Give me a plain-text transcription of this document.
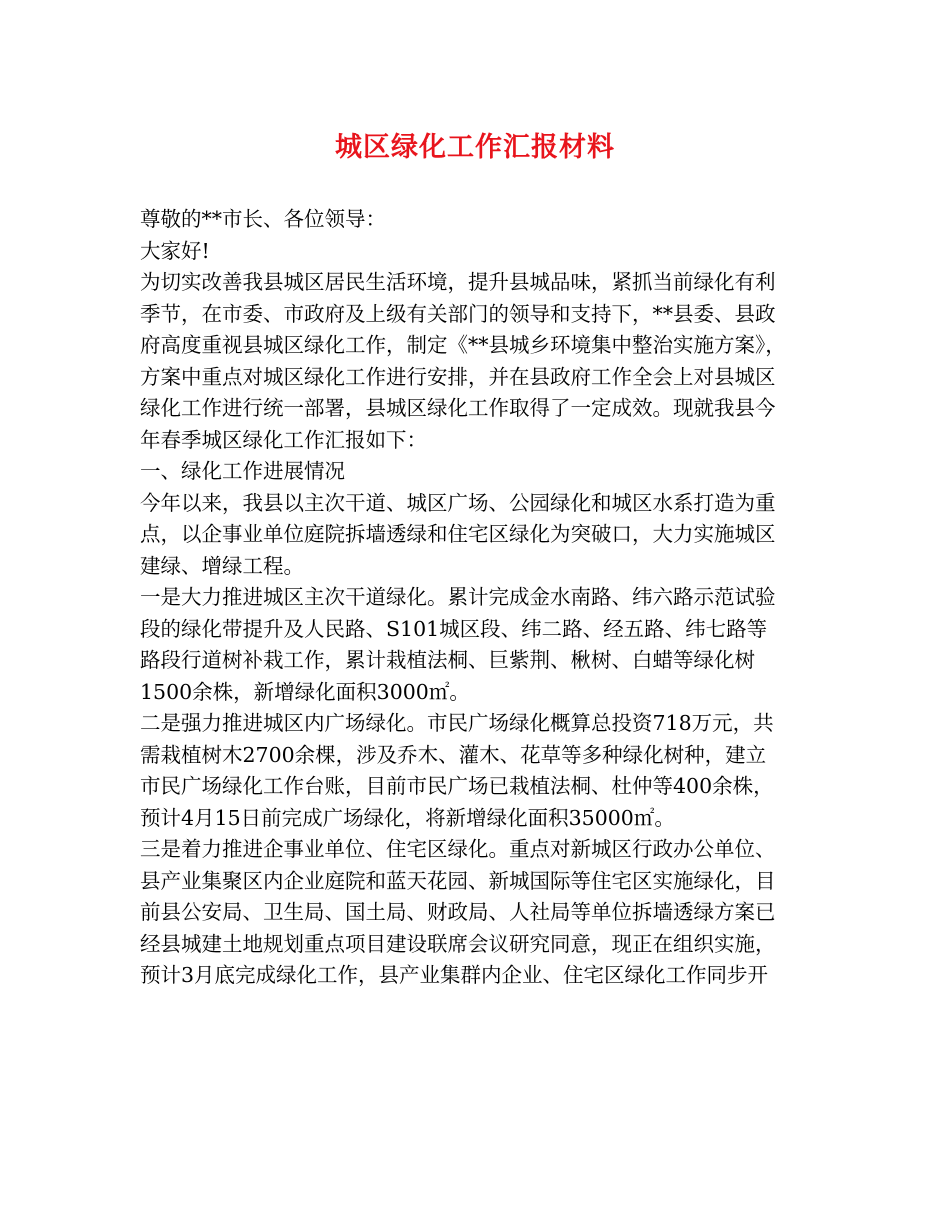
城区绿化工作汇报材料
尊敬的**市长、各位领导：
大家好!
为切实改善我县城区居民生活环境，提升县城品味，紧抓当前绿化有利
季节，在市委、市政府及上级有关部门的领导和支持下，**县委、县政
府高度重视县城区绿化工作，制定《**县城乡环境集中整治实施方案》，
方案中重点对城区绿化工作进行安排，并在县政府工作全会上对县城区
绿化工作进行统一部署，县城区绿化工作取得了一定成效。现就我县今
年春季城区绿化工作汇报如下：
一、绿化工作进展情况
今年以来，我县以主次干道、城区广场、公园绿化和城区水系打造为重
点，以企事业单位庭院拆墙透绿和住宅区绿化为突破口，大力实施城区
建绿、增绿工程。
一是大力推进城区主次干道绿化。累计完成金水南路、纬六路示范试验
段的绿化带提升及人民路、S101城区段、纬二路、经五路、纬七路等
路段行道树补栽工作，累计栽植法桐、巨紫荆、楸树、白蜡等绿化树
1500余株，新增绿化面积3000㎡。
二是强力推进城区内广场绿化。市民广场绿化概算总投资718万元，共
需栽植树木2700余棵，涉及乔木、灌木、花草等多种绿化树种，建立
市民广场绿化工作台账，目前市民广场已栽植法桐、杜仲等400余株，
预计4月15日前完成广场绿化，将新增绿化面积35000㎡。
三是着力推进企事业单位、住宅区绿化。重点对新城区行政办公单位、
县产业集聚区内企业庭院和蓝天花园、新城国际等住宅区实施绿化，目
前县公安局、卫生局、国土局、财政局、人社局等单位拆墙透绿方案已
经县城建土地规划重点项目建设联席会议研究同意，现正在组织实施，
预计3月底完成绿化工作，县产业集群内企业、住宅区绿化工作同步开
